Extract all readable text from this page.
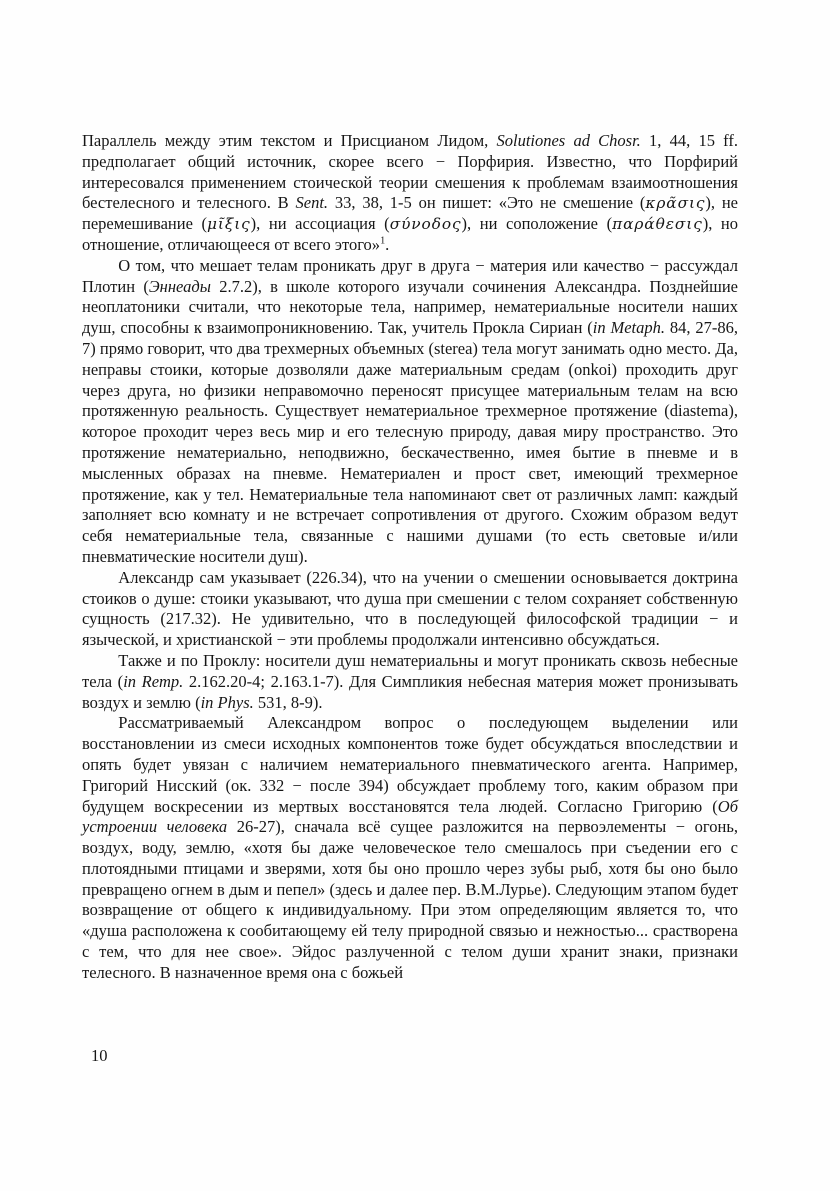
Параллель между этим текстом и Присцианом Лидом, Solutiones ad Chosr. 1, 44, 15 ff. предполагает общий источник, скорее всего − Порфирия. Известно, что Порфирий интересовался применением стоической теории смешения к проблемам взаимоотношения бестелесного и телесного. В Sent. 33, 38, 1-5 он пишет: «Это не смешение (κρᾶσις), не перемешивание (μῖξις), ни ассоциация (σύνοδος), ни соположение (παράθεσις), но отношение, отличающееся от всего этого»$^1$.

О том, что мешает телам проникать друг в друга − материя или качество − рассуждал Плотин (Эннеады 2.7.2), в школе которого изучали сочинения Александра. Позднейшие неоплатоники считали, что некоторые тела, например, нематериальные носители наших душ, способны к взаимопроникновению. Так, учитель Прокла Сириан (in Metaph. 84, 27-86, 7) прямо говорит, что два трехмерных объемных (sterea) тела могут занимать одно место. Да, неправы стоики, которые дозволяли даже материальным средам (onkoi) проходить друг через друга, но физики неправомочно переносят присущее материальным телам на всю протяженную реальность. Существует нематериальное трехмерное протяжение (diastema), которое проходит через весь мир и его телесную природу, давая миру пространство. Это протяжение нематериально, неподвижно, бескачественно, имея бытие в пневме и в мысленных образах на пневме. Нематериален и прост свет, имеющий трехмерное протяжение, как у тел. Нематериальные тела напоминают свет от различных ламп: каждый заполняет всю комнату и не встречает сопротивления от другого. Схожим образом ведут себя нематериальные тела, связанные с нашими душами (то есть световые и/или пневматические носители душ).

Александр сам указывает (226.34), что на учении о смешении основывается доктрина стоиков о душе: стоики указывают, что душа при смешении с телом сохраняет собственную сущность (217.32). Не удивительно, что в последующей философской традиции − и языческой, и христианской − эти проблемы продолжали интенсивно обсуждаться.

Также и по Проклу: носители душ нематериальны и могут проникать сквозь небесные тела (in Remp. 2.162.20-4; 2.163.1-7). Для Симпликия небесная материя может пронизывать воздух и землю (in Phys. 531, 8-9).

Рассматриваемый Александром вопрос о последующем выделении или восстановлении из смеси исходных компонентов тоже будет обсуждаться впоследствии и опять будет увязан с наличием нематериального пневматического агента. Например, Григорий Нисский (ок. 332 − после 394) обсуждает проблему того, каким образом при будущем воскресении из мертвых восстановятся тела людей. Согласно Григорию (Об устроении человека 26-27), сначала всё сущее разложится на первоэлементы − огонь, воздух, воду, землю, «хотя бы даже человеческое тело смешалось при съедении его с плотоядными птицами и зверями, хотя бы оно прошло через зубы рыб, хотя бы оно было превращено огнем в дым и пепел» (здесь и далее пер. В.М.Лурье). Следующим этапом будет возвращение от общего к индивидуальному. При этом определяющим является то, что «душа расположена к сообитающему ей телу природной связью и нежностью... срастворена с тем, что для нее свое». Эйдос разлученной с телом души хранит знаки, признаки телесного. В назначенное время она с божьей

10
